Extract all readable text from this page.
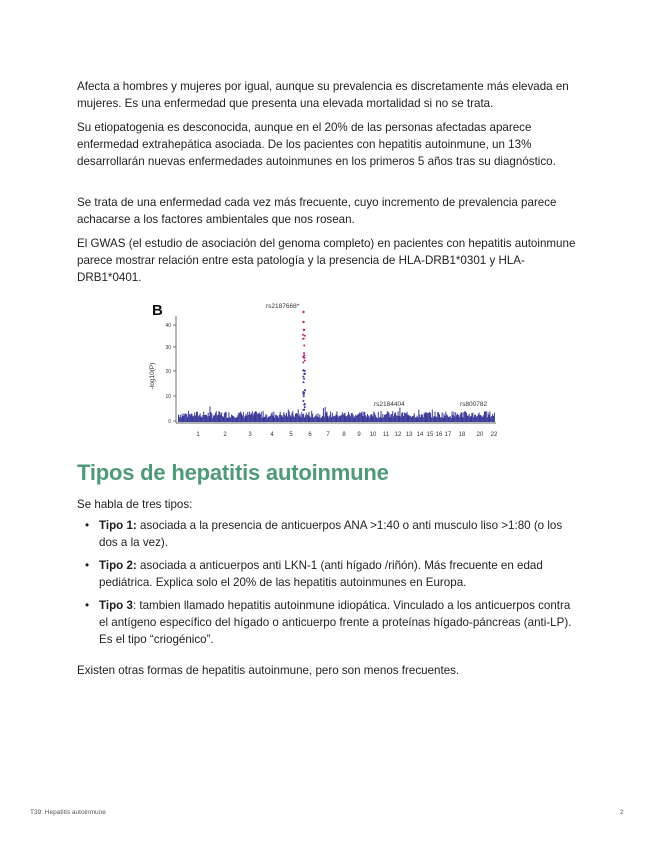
Afecta a hombres y mujeres por igual, aunque su prevalencia es discretamente más elevada en mujeres. Es una enfermedad que presenta una elevada mortalidad si no se trata.

Su etiopatogenia es desconocida, aunque en el 20% de las personas afectadas aparece enfermedad extrahepática asociada. De los pacientes con hepatitis autoinmune, un 13% desarrollarán nuevas enfermedades autoinmunes en los primeros 5 años tras su diagnóstico.

Se trata de una enfermedad cada vez más frecuente, cuyo incremento de prevalencia parece achacarse a los factores ambientales que nos rosean.

El GWAS (el estudio de asociación del genoma completo) en pacientes con hepatitis autoinmune parece mostrar relación entre esta patología y la presencia de HLA-DRB1*0301 y HLA-DRB1*0401.

Tipos de hepatitis autoinmune

Se habla de tres tipos:

• Tipo 1: asociada a la presencia de anticuerpos ANA >1:40 o anti musculo liso >1:80 (o los dos a la vez).
• Tipo 2: asociada a anticuerpos anti LKN-1 (anti hígado /riñón). Más frecuente en edad pediátrica. Explica solo el 20% de las hepatitis autoinmunes en Europa.
• Tipo 3: tambien llamado hepatitis autoinmune idiopática. Vinculado a los anticuerpos contra el antígeno específico del hígado o anticuerpo frente a proteínas hígado-páncreas (anti-LP). Es el tipo “criogénico”.

Existen otras formas de hepatitis autoinmune, pero son menos frecuentes.

B
-log10(P)
40
30
20
10
0
1	2	3	4	5	6 7 8 9 10 11 12 13 14 15 16 17 18 20 22
rs2187668*
rs2184404	rs800782
T39: Hepatitis autoinmune	2
